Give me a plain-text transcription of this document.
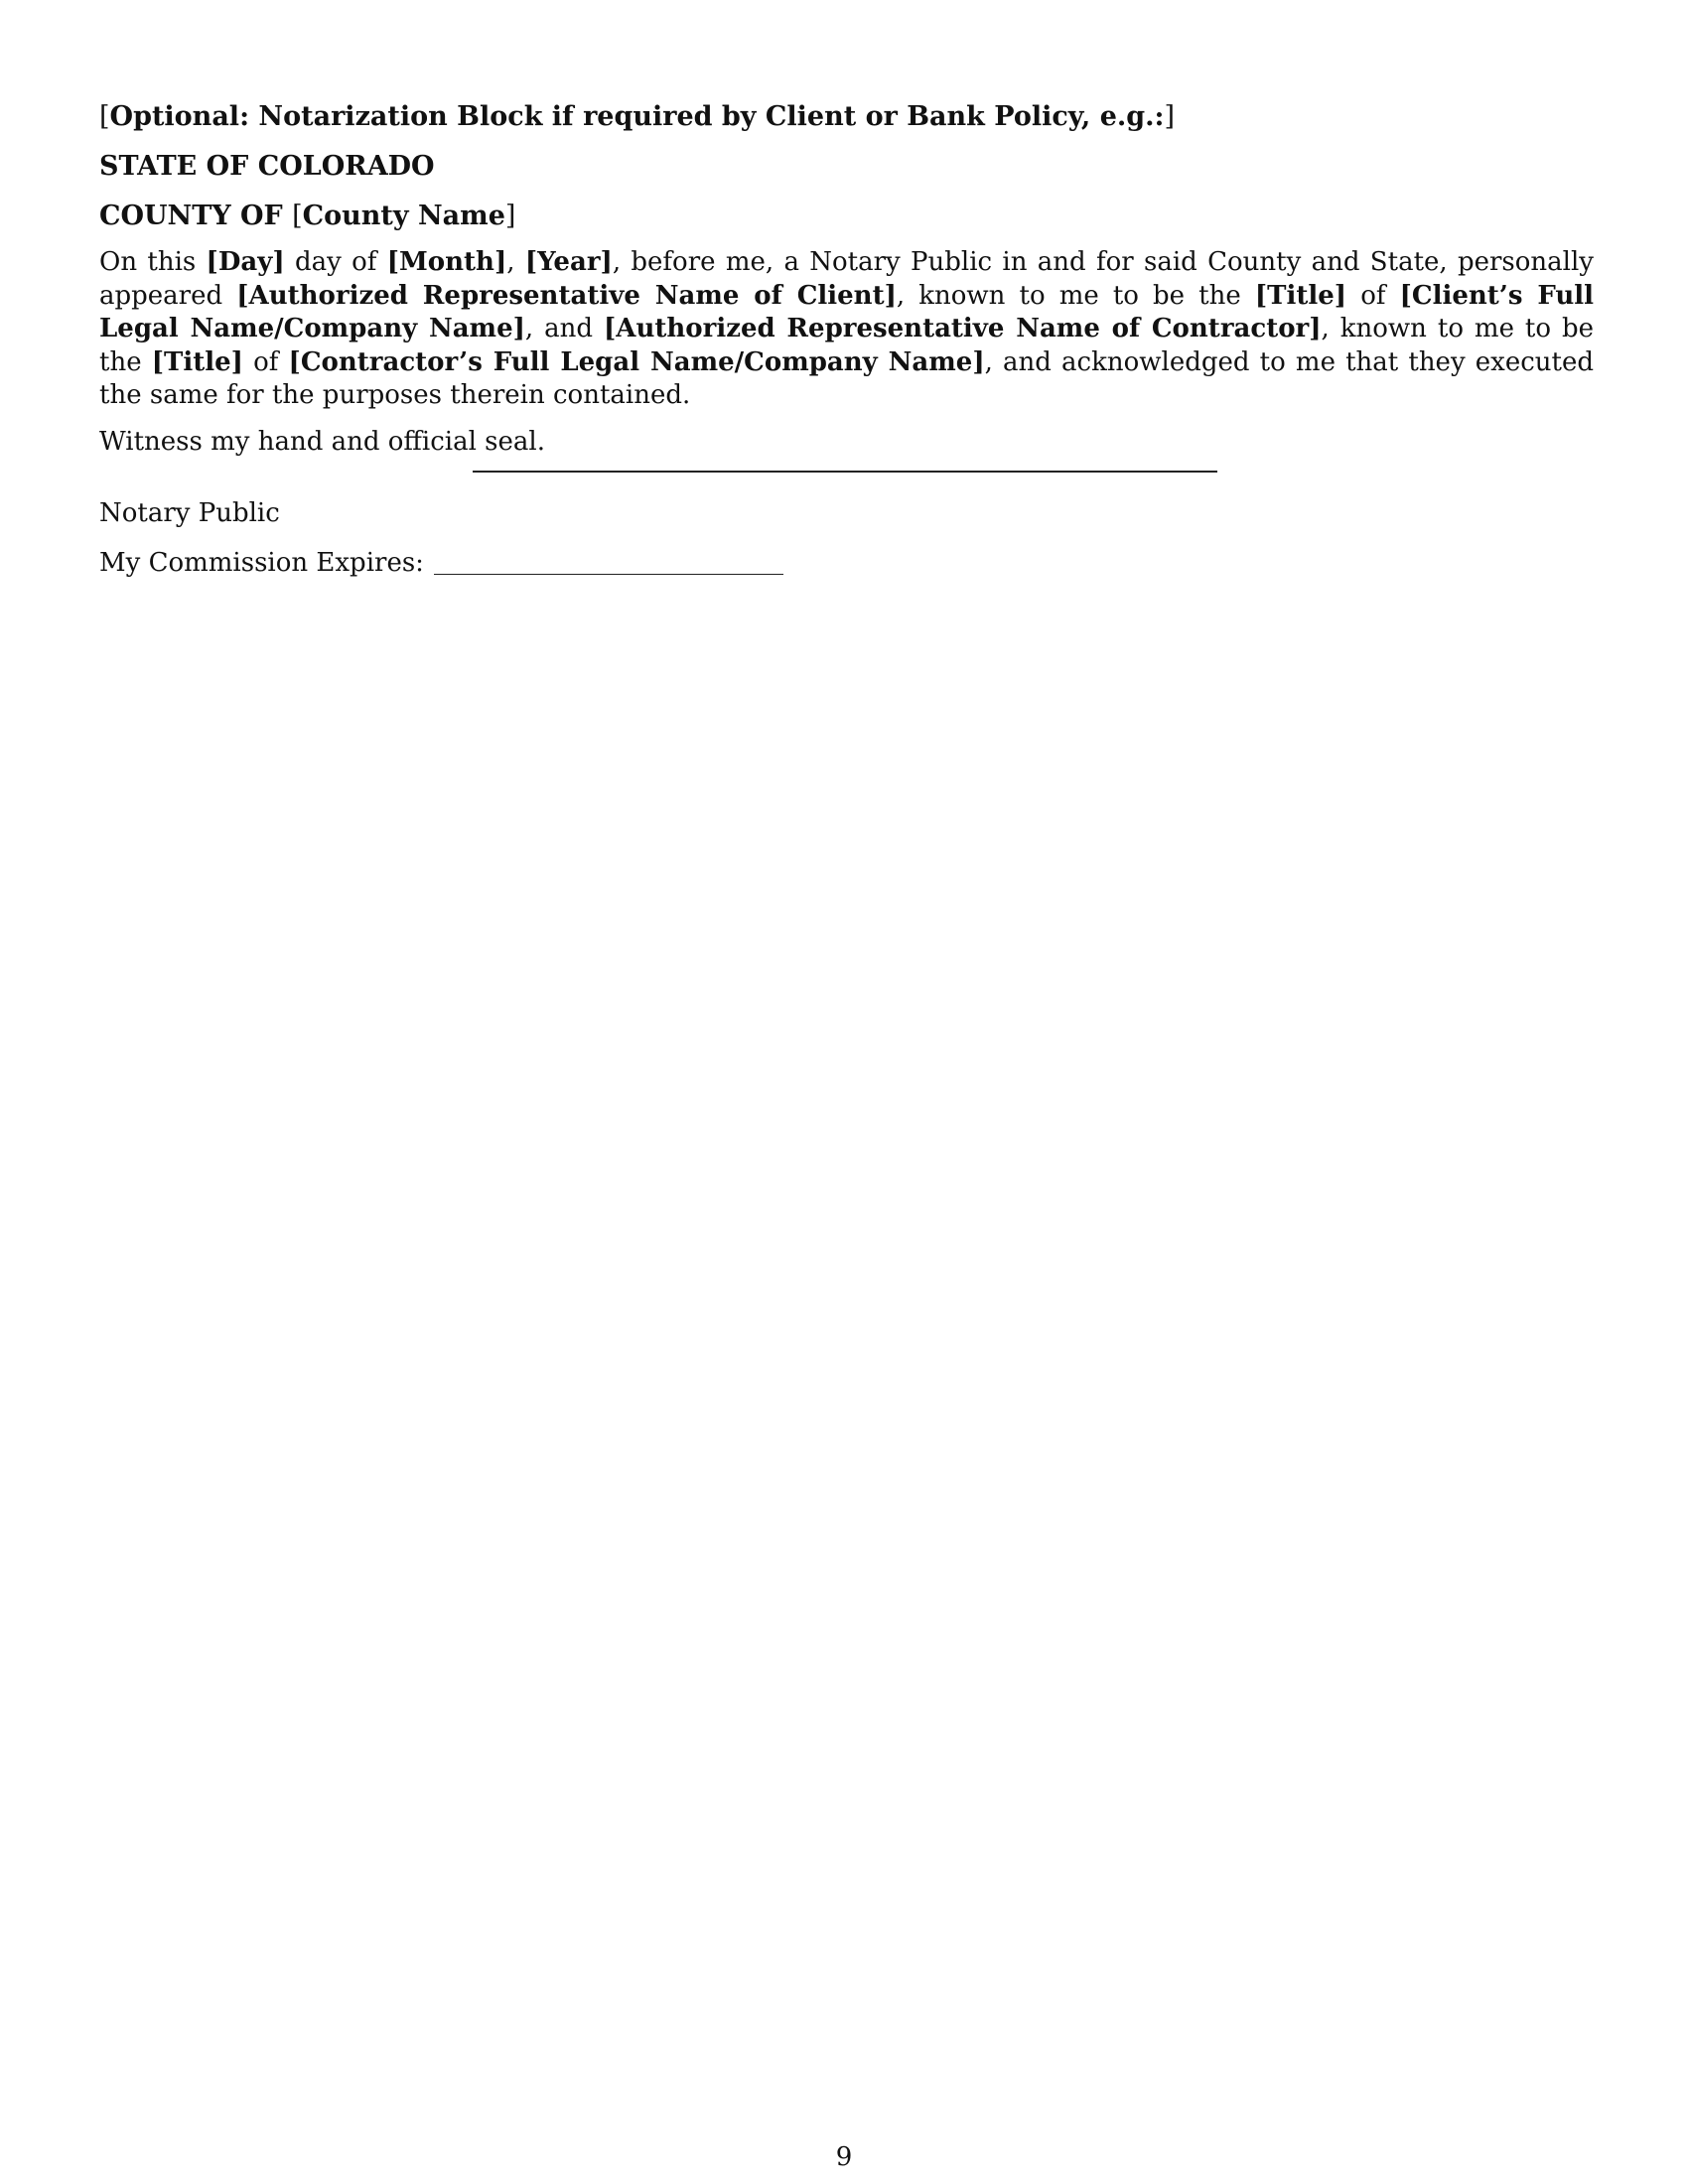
[Optional: Notarization Block if required by Client or Bank Policy, e.g.:]
STATE OF COLORADO
COUNTY OF [County Name]

On this [Day] day of [Month], [Year], before me, a Notary Public in and for said County and State, personally appeared [Authorized Representative Name of Client], known to me to be the [Title] of [Client’s Full Legal Name/Company Name], and [Authorized Representative Name of Contractor], known to me to be the [Title] of [Contractor’s Full Legal Name/Company Name], and acknowledged to me that they executed the same for the purposes therein contained.

Witness my hand and official seal.

Notary Public

My Commission Expires:
9
